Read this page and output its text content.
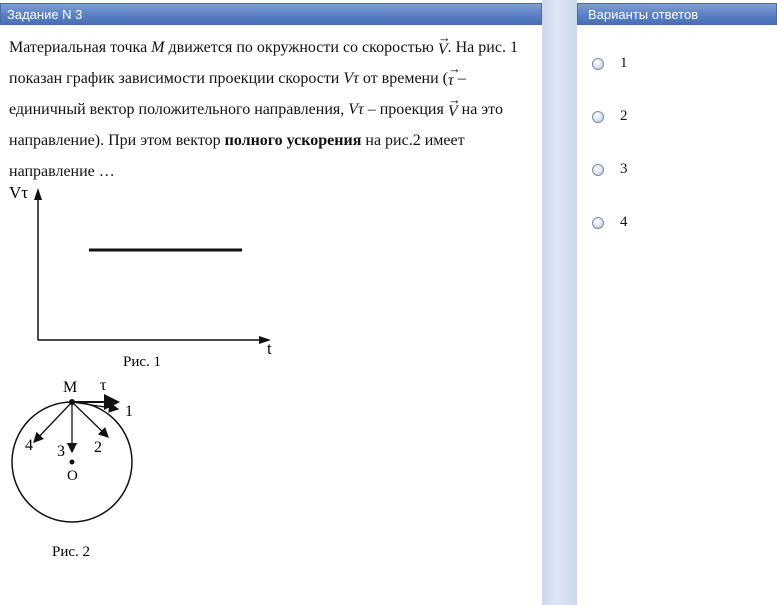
Задание N 3	Варианты ответов
Материальная точка M движется по окружности со скоростью
→
V. На рис. 1 показан график зависимости проекции скорости Vτ от времени (
→
τ – единичный вектор положительного направления, Vτ – проекция
→
V на это направление). При этом вектор полного ускорения на рис.2 имеет направление …
Vτ
t
Рис. 1
M τ
O
1
2
3
4
Рис. 2
1
2
3
4
